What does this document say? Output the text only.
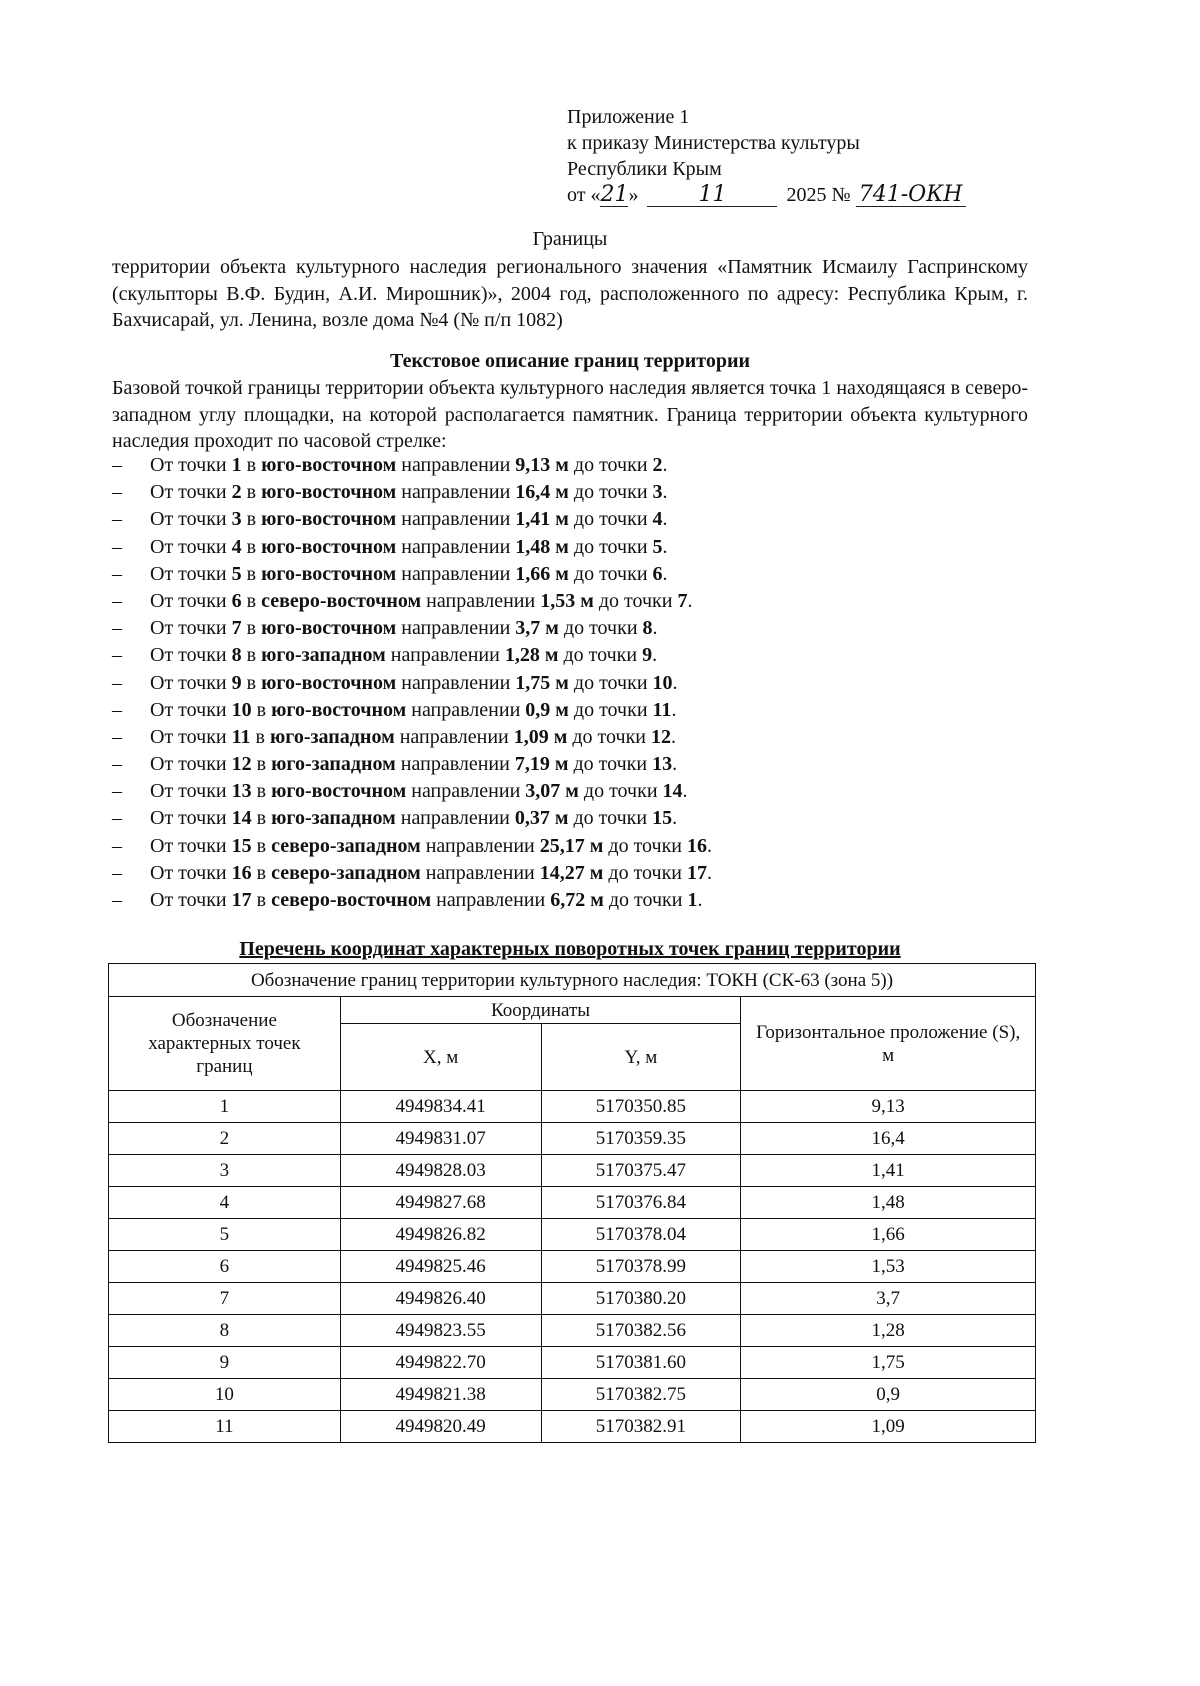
Приложение 1
к приказу Министерства культуры
Республики Крым
от «21»	11	2025 № 741-ОКН
Границы
территории объекта культурного наследия регионального значения «Памятник Исмаилу Гаспринскому (скульпторы В.Ф. Будин, А.И. Мирошник)», 2004 год, расположенного по адресу: Республика Крым, г. Бахчисарай, ул. Ленина, возле дома №4 (№ п/п 1082)
Текстовое описание границ территории
Базовой точкой границы территории объекта культурного наследия является точка 1 находящаяся в северо-западном углу площадки, на которой располагается памятник. Граница территории объекта культурного наследия проходит по часовой стрелке:
– От точки 1 в юго-восточном направлении 9,13 м до точки 2.
– От точки 2 в юго-восточном направлении 16,4 м до точки 3.
– От точки 3 в юго-восточном направлении 1,41 м до точки 4.
– От точки 4 в юго-восточном направлении 1,48 м до точки 5.
– От точки 5 в юго-восточном направлении 1,66 м до точки 6.
– От точки 6 в северо-восточном направлении 1,53 м до точки 7.
– От точки 7 в юго-восточном направлении 3,7 м до точки 8.
– От точки 8 в юго-западном направлении 1,28 м до точки 9.
– От точки 9 в юго-восточном направлении 1,75 м до точки 10.
– От точки 10 в юго-восточном направлении 0,9 м до точки 11.
– От точки 11 в юго-западном направлении 1,09 м до точки 12.
– От точки 12 в юго-западном направлении 7,19 м до точки 13.
– От точки 13 в юго-восточном направлении 3,07 м до точки 14.
– От точки 14 в юго-западном направлении 0,37 м до точки 15.
– От точки 15 в северо-западном направлении 25,17 м до точки 16.
– От точки 16 в северо-западном направлении 14,27 м до точки 17.
– От точки 17 в северо-восточном направлении 6,72 м до точки 1.
Перечень координат характерных поворотных точек границ территории
Обозначение границ территории культурного наследия: ТОКН (СК-63 (зона 5))			
Обозначение характерных точек границ	Координаты		Горизонтальное проложение (S), м
	X, м	Y, м	
1	4949834.41	5170350.85	9,13
2	4949831.07	5170359.35	16,4
3	4949828.03	5170375.47	1,41
4	4949827.68	5170376.84	1,48
5	4949826.82	5170378.04	1,66
6	4949825.46	5170378.99	1,53
7	4949826.40	5170380.20	3,7
8	4949823.55	5170382.56	1,28
9	4949822.70	5170381.60	1,75
10	4949821.38	5170382.75	0,9
11	4949820.49	5170382.91	1,09
